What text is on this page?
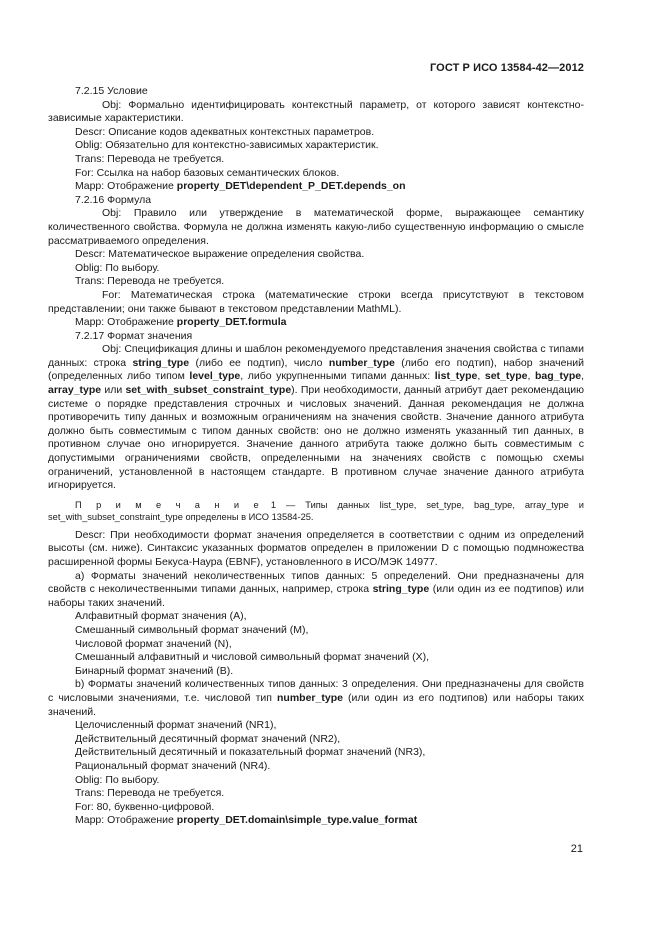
ГОСТ Р ИСО 13584-42—2012

7.2.15 Условие

Obj: Формально идентифицировать контекстный параметр, от которого зависят контекстно-зависимые характеристики.

Descr: Описание кодов адекватных контекстных параметров.

Oblig: Обязательно для контекстно-зависимых характеристик.

Trans: Перевода не требуется.

For: Ссылка на набор базовых семантических блоков.

Mapp: Отображение property_DET\dependent_P_DET.depends_on

7.2.16 Формула

Obj: Правило или утверждение в математической форме, выражающее семантику количественного свойства. Формула не должна изменять какую-либо существенную информацию о смысле рассматриваемого определения.

Descr: Математическое выражение определения свойства.

Oblig: По выбору.

Trans: Перевода не требуется.

For: Математическая строка (математические строки всегда присутствуют в текстовом представлении; они также бывают в текстовом представлении MathML).

Mapp: Отображение property_DET.formula

7.2.17 Формат значения

Obj: Спецификация длины и шаблон рекомендуемого представления значения свойства с типами данных: строка string_type (либо ее подтип), число number_type (либо его подтип), набор значений (определенных либо типом level_type, либо укрупненными типами данных: list_type, set_type, bag_type, array_type или set_with_subset_constraint_type). При необходимости, данный атрибут дает рекомендацию системе о порядке представления строчных и числовых значений. Данная рекомендация не должна противоречить типу данных и возможным ограничениям на значения свойств. Значение данного атрибута должно быть совместимым с типом данных свойств: оно не должно изменять указанный тип данных, в противном случае оно игнорируется. Значение данного атрибута также должно быть совместимым с допустимыми ограничениями свойств, определенными на значениях свойств с помощью схемы ограничений, установленной в настоящем стандарте. В противном случае значение данного атрибута игнорируется.

П р и м е ч а н и е 1 — Типы данных list_type, set_type, bag_type, array_type и set_with_subset_constraint_type определены в ИСО 13584-25.

Descr: При необходимости формат значения определяется в соответствии с одним из определений высоты (см. ниже). Синтаксис указанных форматов определен в приложении D с помощью подмножества расширенной формы Бекуса-Наура (EBNF), установленного в ИСО/МЭК 14977.

a) Форматы значений неколичественных типов данных: 5 определений. Они предназначены для свойств с неколичественными типами данных, например, строка string_type (или один из ее подтипов) или наборы таких значений.

Алфавитный формат значения (A),

Смешанный символьный формат значений (M),

Числовой формат значений (N),

Смешанный алфавитный и числовой символьный формат значений (X),

Бинарный формат значений (B).

b) Форматы значений количественных типов данных: 3 определения. Они предназначены для свойств с числовыми значениями, т.е. числовой тип number_type (или один из его подтипов) или наборы таких значений.

Целочисленный формат значений (NR1),

Действительный десятичный формат значений (NR2),

Действительный десятичный и показательный формат значений (NR3),

Рациональный формат значений (NR4).

Oblig: По выбору.

Trans: Перевода не требуется.

For: 80, буквенно-цифровой.

Mapp: Отображение property_DET.domain\simple_type.value_format

21
